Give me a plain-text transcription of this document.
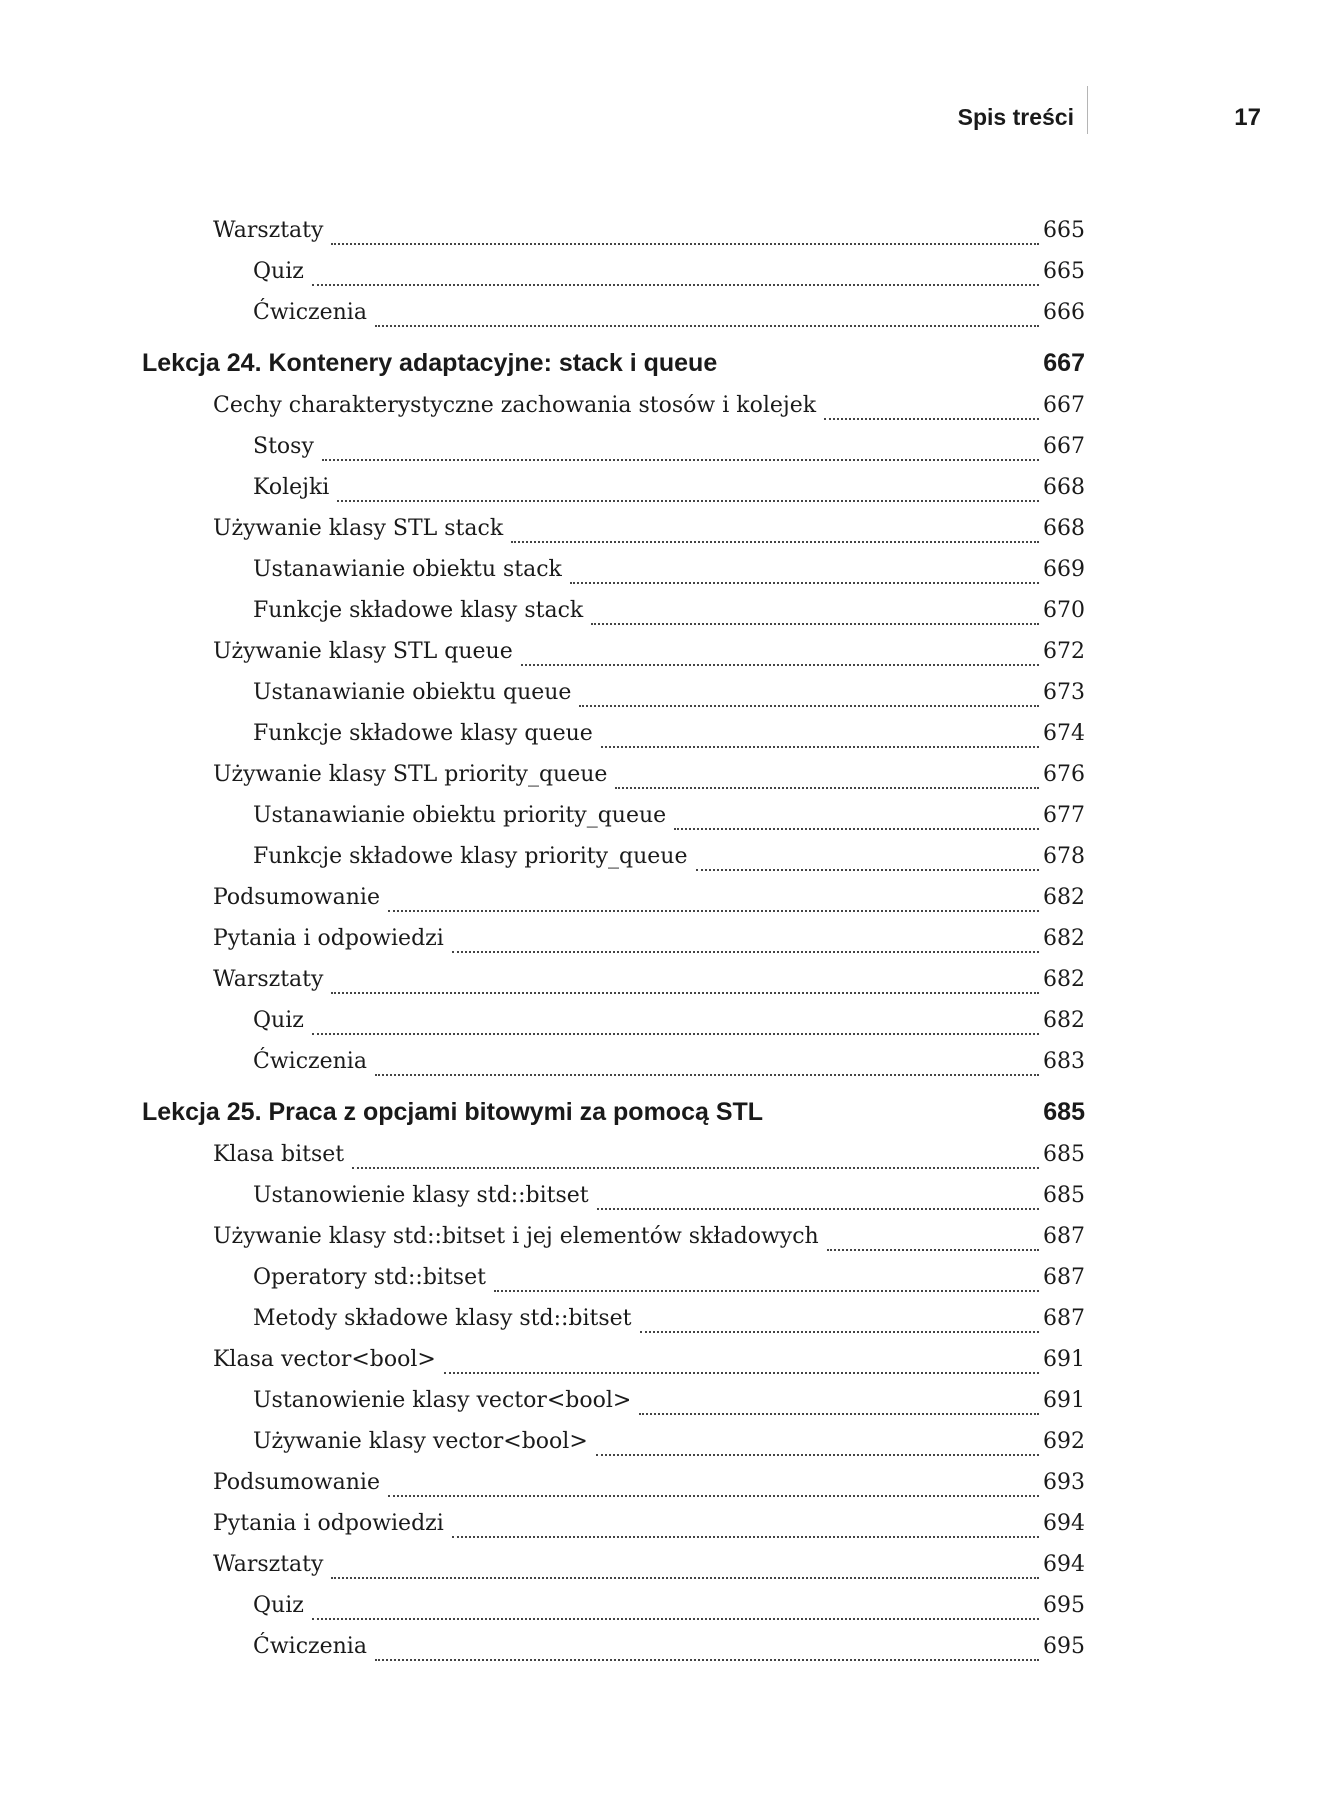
Spis treści	17
Warsztaty	665
Quiz	665
Ćwiczenia	666
Lekcja 24. Kontenery adaptacyjne: stack i queue	667
Cechy charakterystyczne zachowania stosów i kolejek	667
Stosy	667
Kolejki	668
Używanie klasy STL stack	668
Ustanawianie obiektu stack	669
Funkcje składowe klasy stack	670
Używanie klasy STL queue	672
Ustanawianie obiektu queue	673
Funkcje składowe klasy queue	674
Używanie klasy STL priority_queue	676
Ustanawianie obiektu priority_queue	677
Funkcje składowe klasy priority_queue	678
Podsumowanie	682
Pytania i odpowiedzi	682
Warsztaty	682
Quiz	682
Ćwiczenia	683
Lekcja 25. Praca z opcjami bitowymi za pomocą STL	685
Klasa bitset	685
Ustanowienie klasy std::bitset	685
Używanie klasy std::bitset i jej elementów składowych	687
Operatory std::bitset	687
Metody składowe klasy std::bitset	687
Klasa vector<bool>	691
Ustanowienie klasy vector<bool>	691
Używanie klasy vector<bool>	692
Podsumowanie	693
Pytania i odpowiedzi	694
Warsztaty	694
Quiz	695
Ćwiczenia	695
